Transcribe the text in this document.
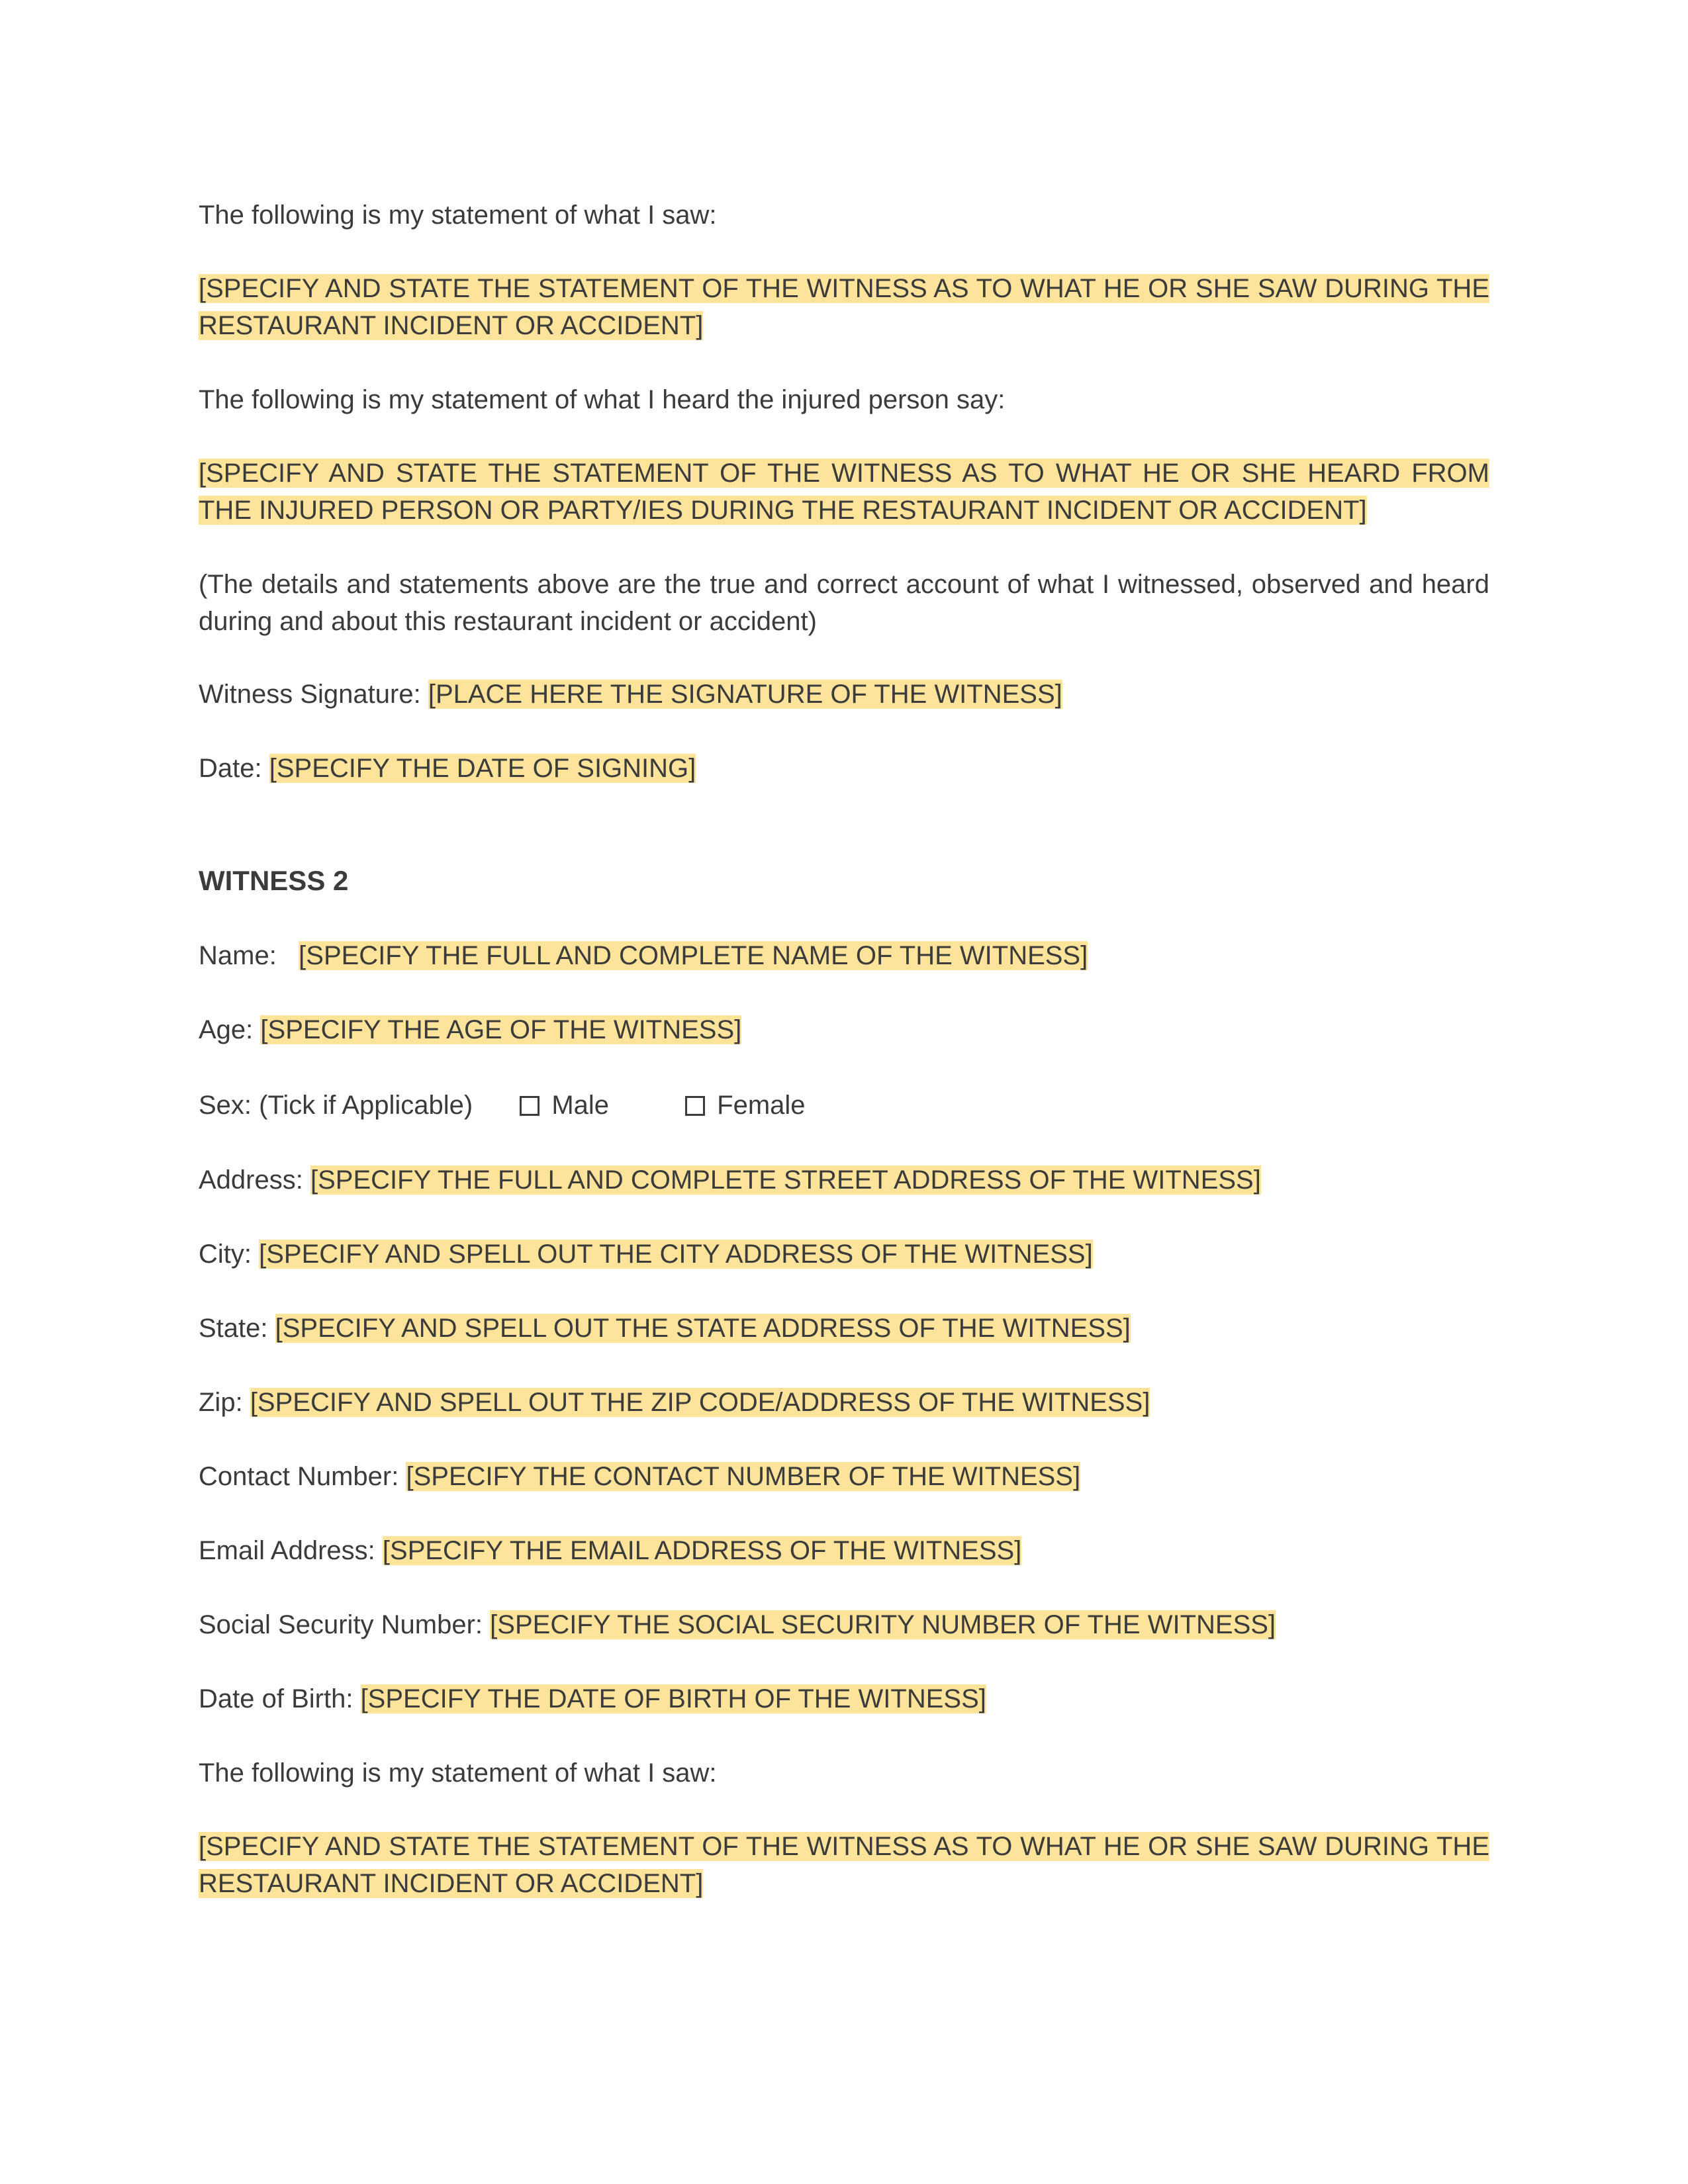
The following is my statement of what I saw:
[SPECIFY AND STATE THE STATEMENT OF THE WITNESS AS TO WHAT HE OR SHE SAW DURING THE RESTAURANT INCIDENT OR ACCIDENT]
The following is my statement of what I heard the injured person say:
[SPECIFY AND STATE THE STATEMENT OF THE WITNESS AS TO WHAT HE OR SHE HEARD FROM THE INJURED PERSON OR PARTY/IES DURING THE RESTAURANT INCIDENT OR ACCIDENT]
(The details and statements above are the true and correct account of what I witnessed, observed and heard during and about this restaurant incident or accident)
Witness Signature: [PLACE HERE THE SIGNATURE OF THE WITNESS]
Date: [SPECIFY THE DATE OF SIGNING]
WITNESS 2
Name: [SPECIFY THE FULL AND COMPLETE NAME OF THE WITNESS]
Age: [SPECIFY THE AGE OF THE WITNESS]
Sex: (Tick if Applicable)	Male	Female
Address: [SPECIFY THE FULL AND COMPLETE STREET ADDRESS OF THE WITNESS]
City: [SPECIFY AND SPELL OUT THE CITY ADDRESS OF THE WITNESS]
State: [SPECIFY AND SPELL OUT THE STATE ADDRESS OF THE WITNESS]
Zip: [SPECIFY AND SPELL OUT THE ZIP CODE/ADDRESS OF THE WITNESS]
Contact Number: [SPECIFY THE CONTACT NUMBER OF THE WITNESS]
Email Address: [SPECIFY THE EMAIL ADDRESS OF THE WITNESS]
Social Security Number: [SPECIFY THE SOCIAL SECURITY NUMBER OF THE WITNESS]
Date of Birth: [SPECIFY THE DATE OF BIRTH OF THE WITNESS]
The following is my statement of what I saw:
[SPECIFY AND STATE THE STATEMENT OF THE WITNESS AS TO WHAT HE OR SHE SAW DURING THE RESTAURANT INCIDENT OR ACCIDENT]
